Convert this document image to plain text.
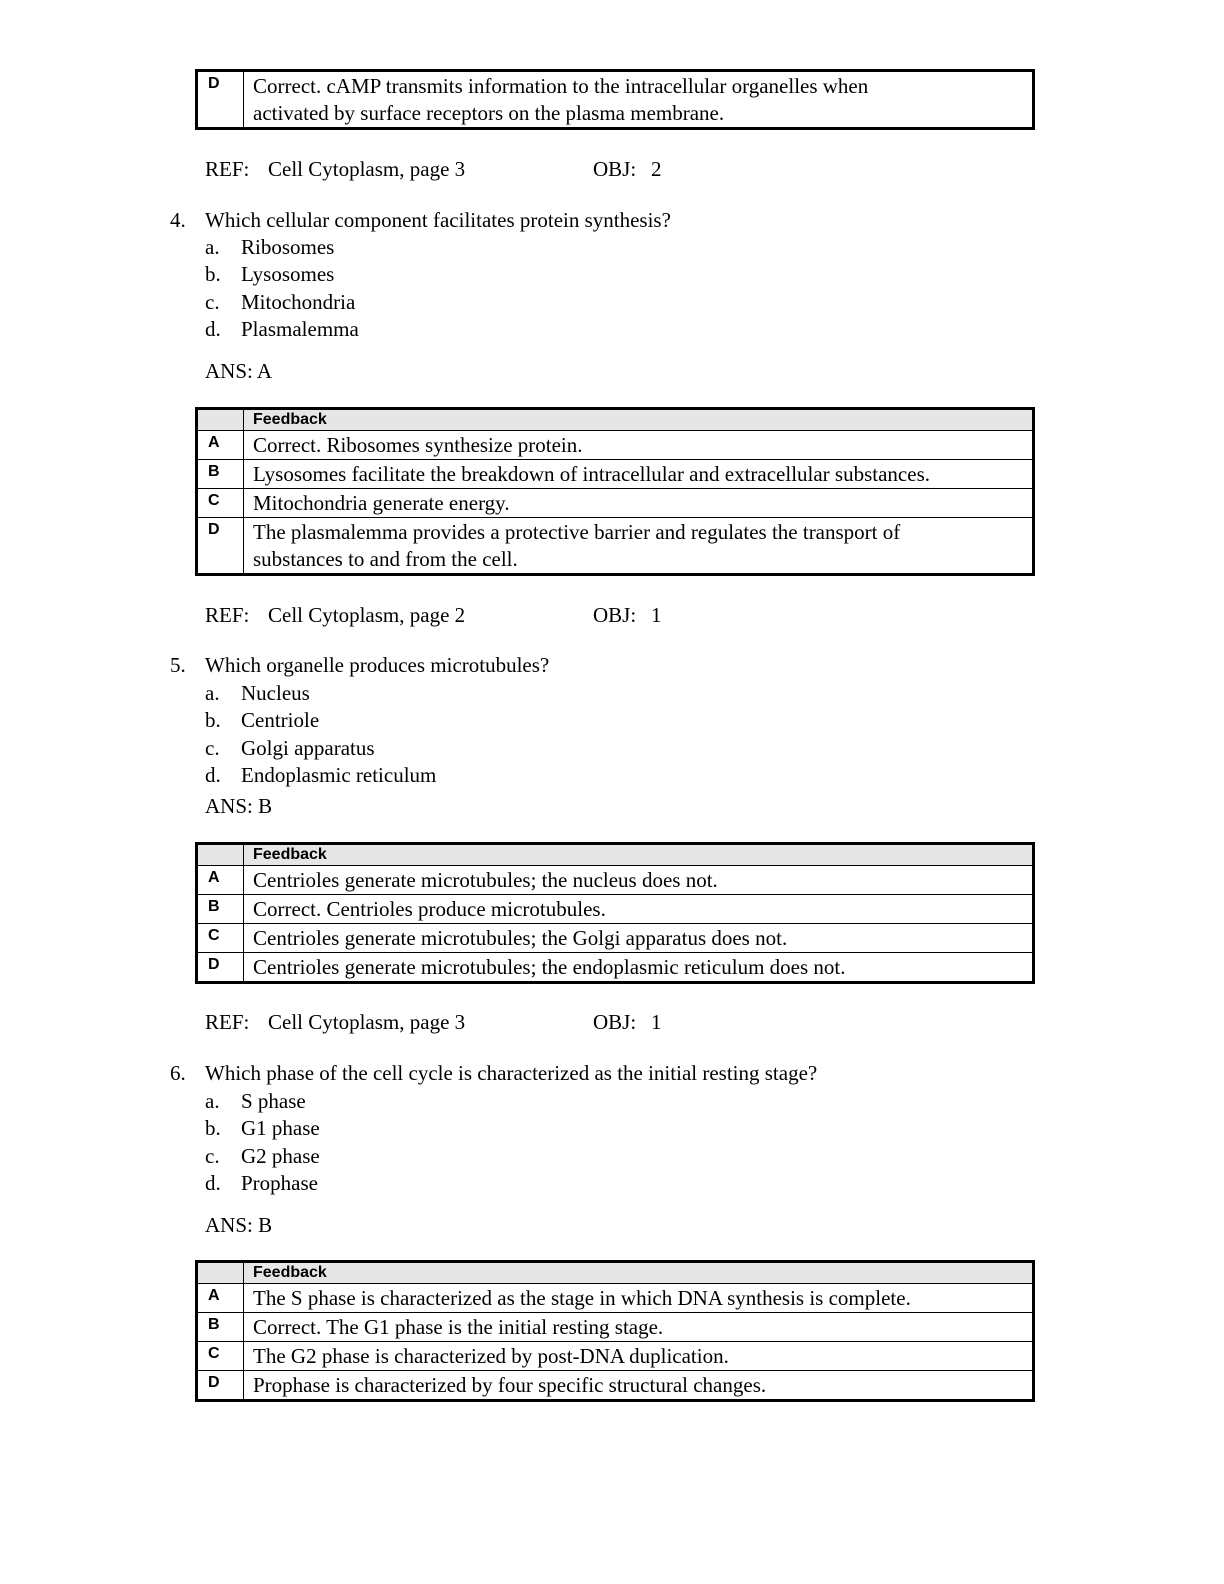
D	Correct. cAMP transmits information to the intracellular organelles when
activated by surface receptors on the plasma membrane.
REF: Cell Cytoplasm, page 3	OBJ: 2
4. Which cellular component facilitates protein synthesis?
a.	Ribosomes
b. Lysosomes
c.	Mitochondria
d. Plasmalemma
ANS: A
	Feedback
A	Correct. Ribosomes synthesize protein.
B	Lysosomes facilitate the breakdown of intracellular and extracellular substances.
C	Mitochondria generate energy.
D	The plasmalemma provides a protective barrier and regulates the transport of
substances to and from the cell.
REF: Cell Cytoplasm, page 2	OBJ: 1
5. Which organelle produces microtubules?
a.	Nucleus
b. Centriole
c.	Golgi apparatus
d. Endoplasmic reticulum
ANS: B
	Feedback
A	Centrioles generate microtubules; the nucleus does not.
B	Correct. Centrioles produce microtubules.
C	Centrioles generate microtubules; the Golgi apparatus does not.
D	Centrioles generate microtubules; the endoplasmic reticulum does not.
REF: Cell Cytoplasm, page 3	OBJ: 1
6. Which phase of the cell cycle is characterized as the initial resting stage?
a.	S phase
b. G1 phase
c.	G2 phase
d. Prophase
ANS: B
	Feedback
A	The S phase is characterized as the stage in which DNA synthesis is complete.
B	Correct. The G1 phase is the initial resting stage.
C	The G2 phase is characterized by post-DNA duplication.
D	Prophase is characterized by four specific structural changes.
